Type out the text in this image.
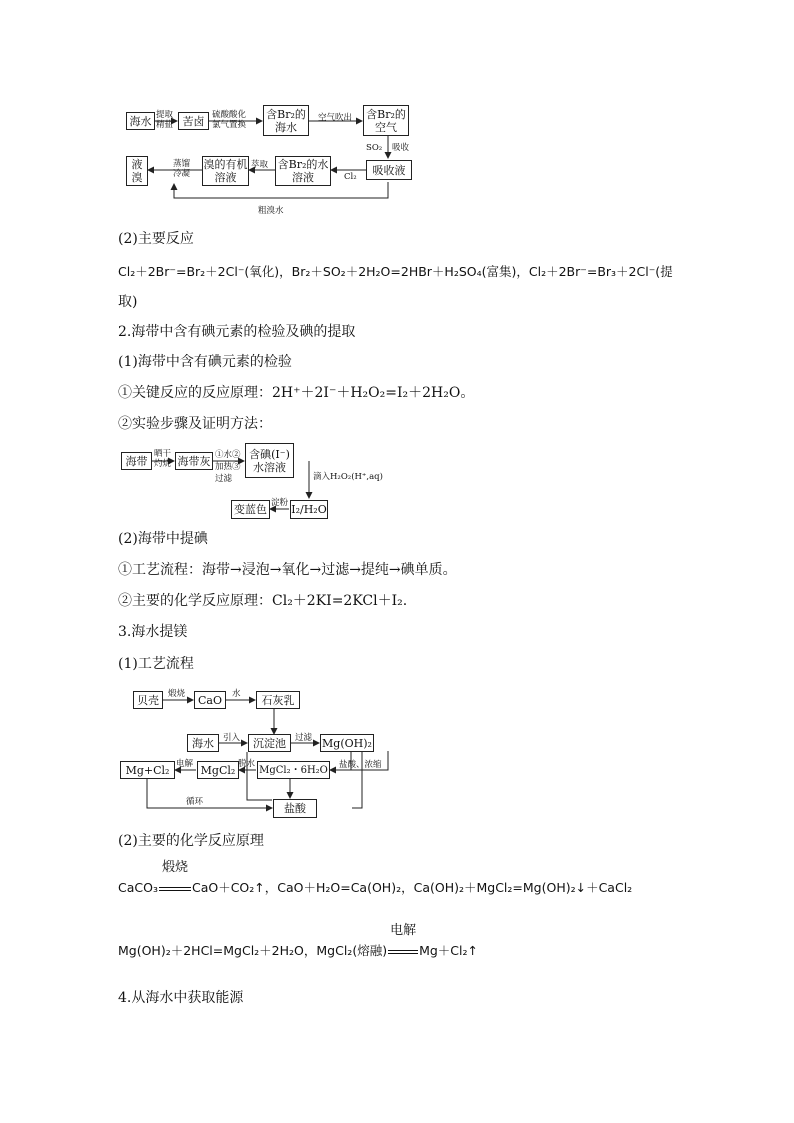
海水	苦卤
含Br₂的海水
含Br₂的空气
吸收液
含Br₂的水溶液
溴的有机溶液
液溴
提取精盐
硫酸酸化氯气置换
空气吹出
SO₂ 吸收
Cl₂
萃取
蒸馏冷凝
粗溴水
(2)主要反应
Cl₂＋2Br⁻=Br₂＋2Cl⁻(氧化)，Br₂＋SO₂＋2H₂O=2HBr＋H₂SO₄(富集)，Cl₂＋2Br⁻=Br₃＋2Cl⁻(提
取)
2.海带中含有碘元素的检验及碘的提取
(1)海带中含有碘元素的检验
①关键反应的反应原理：2H⁺＋2I⁻＋H₂O₂=I₂＋2H₂O。
②实验步骤及证明方法：
海带	海带灰
含碘(I⁻)水溶液
I₂/H₂O
变蓝色
晒干灼烧
①水②加热③过滤	滴入H₂O₂(H⁺,aq)
淀粉
(2)海带中提碘
①工艺流程：海带→浸泡→氧化→过滤→提纯→碘单质。
②主要的化学反应原理：Cl₂＋2KI=2KCl＋I₂.
3.海水提镁
(1)工艺流程
贝壳	CaO	石灰乳
海水	沉淀池	Mg(OH)₂
MgCl₂・6H₂O
MgCl₂
Mg+Cl₂
盐酸
煅烧	水
引入	过滤
盐酸、浓缩
脱水
电解
循环
(2)主要的化学反应原理
CaCO₃
煅烧
CaO＋CO₂↑，CaO＋H₂O=Ca(OH)₂，Ca(OH)₂＋MgCl₂=Mg(OH)₂↓＋CaCl₂
Mg(OH)₂＋2HCl=MgCl₂＋2H₂O，MgCl₂(熔融)
电解
Mg＋Cl₂↑
4.从海水中获取能源
